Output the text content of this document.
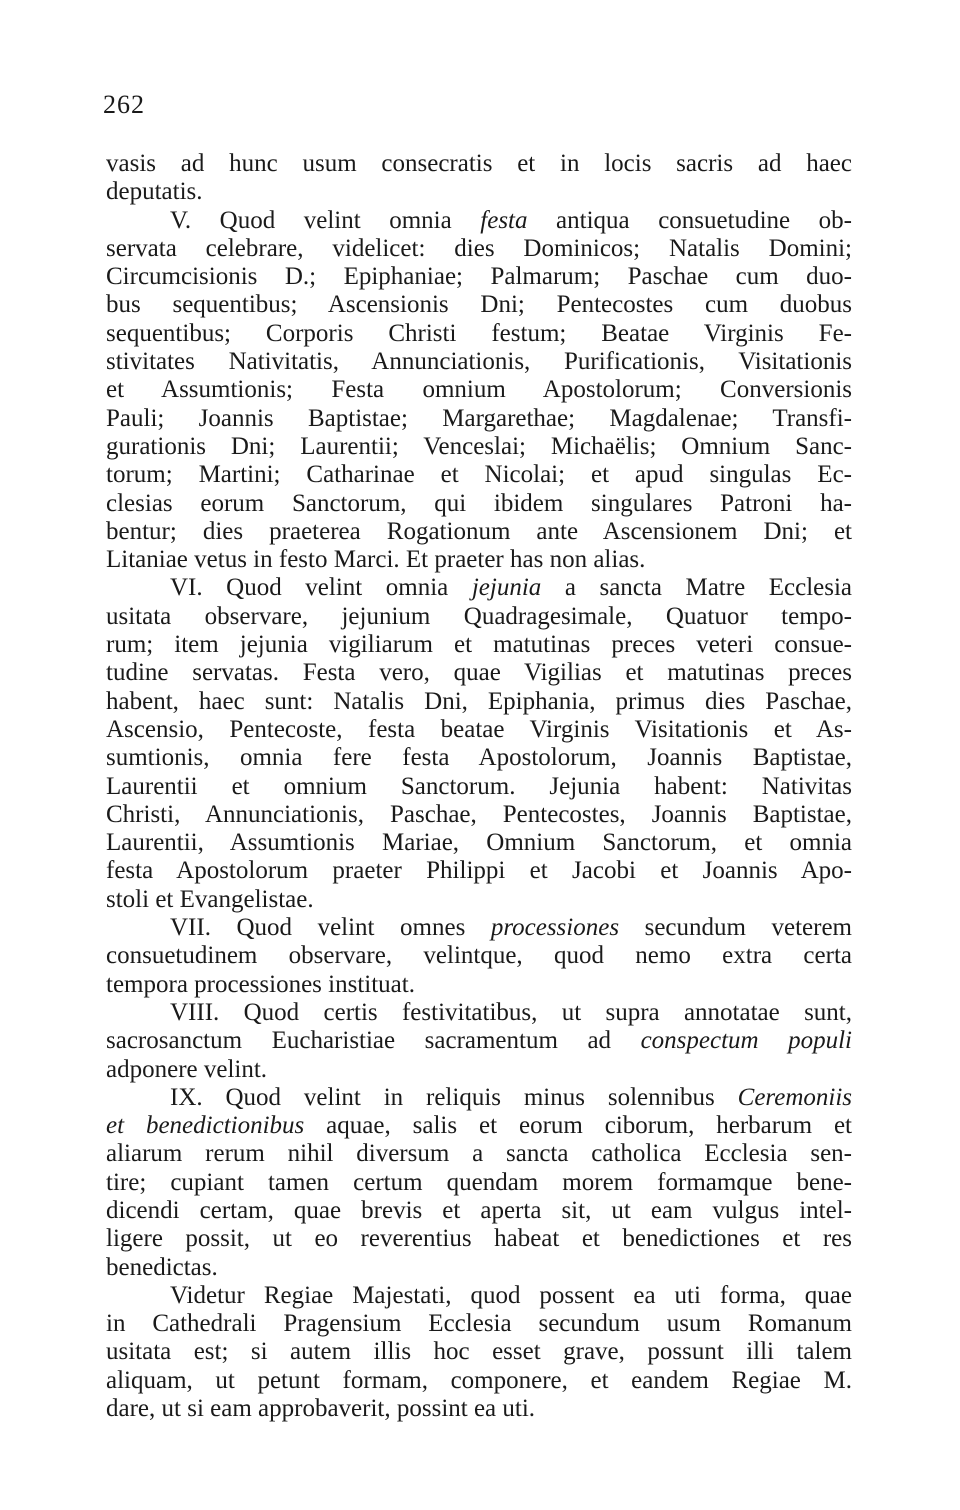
262
vasis ad hunc usum consecratis et in locis sacris ad haec
deputatis.
V. Quod velint omnia festa antiqua consuetudine ob-
servata celebrare, videlicet: dies Dominicos; Natalis Domini;
Circumcisionis D.; Epiphaniae; Palmarum; Paschae cum duo-
bus sequentibus; Ascensionis Dni; Pentecostes cum duobus
sequentibus; Corporis Christi festum; Beatae Virginis Fe-
stivitates Nativitatis, Annunciationis, Purificationis, Visitationis
et Assumtionis; Festa omnium Apostolorum; Conversionis
Pauli; Joannis Baptistae; Margarethae; Magdalenae; Transfi-
gurationis Dni; Laurentii; Venceslai; Michaëlis; Omnium Sanc-
torum; Martini; Catharinae et Nicolai; et apud singulas Ec-
clesias eorum Sanctorum, qui ibidem singulares Patroni ha-
bentur; dies praeterea Rogationum ante Ascensionem Dni; et
Litaniae vetus in festo Marci. Et praeter has non alias.
VI. Quod velint omnia jejunia a sancta Matre Ecclesia
usitata observare, jejunium Quadragesimale, Quatuor tempo-
rum; item jejunia vigiliarum et matutinas preces veteri consue-
tudine servatas. Festa vero, quae Vigilias et matutinas preces
habent, haec sunt: Natalis Dni, Epiphania, primus dies Paschae,
Ascensio, Pentecoste, festa beatae Virginis Visitationis et As-
sumtionis, omnia fere festa Apostolorum, Joannis Baptistae,
Laurentii et omnium Sanctorum. Jejunia habent: Nativitas
Christi, Annunciationis, Paschae, Pentecostes, Joannis Baptistae,
Laurentii, Assumtionis Mariae, Omnium Sanctorum, et omnia
festa Apostolorum praeter Philippi et Jacobi et Joannis Apo-
stoli et Evangelistae.
VII. Quod velint omnes processiones secundum veterem
consuetudinem observare, velintque, quod nemo extra certa
tempora processiones instituat.
VIII. Quod certis festivitatibus, ut supra annotatae sunt,
sacrosanctum Eucharistiae sacramentum ad conspectum populi
adponere velint.
IX. Quod velint in reliquis minus solennibus Ceremoniis
et benedictionibus aquae, salis et eorum ciborum, herbarum et
aliarum rerum nihil diversum a sancta catholica Ecclesia sen-
tire; cupiant tamen certum quendam morem formamque bene-
dicendi certam, quae brevis et aperta sit, ut eam vulgus intel-
ligere possit, ut eo reverentius habeat et benedictiones et res
benedictas.
Videtur Regiae Majestati, quod possent ea uti forma, quae
in Cathedrali Pragensium Ecclesia secundum usum Romanum
usitata est; si autem illis hoc esset grave, possunt illi talem
aliquam, ut petunt formam, componere, et eandem Regiae M.
dare, ut si eam approbaverit, possint ea uti.
